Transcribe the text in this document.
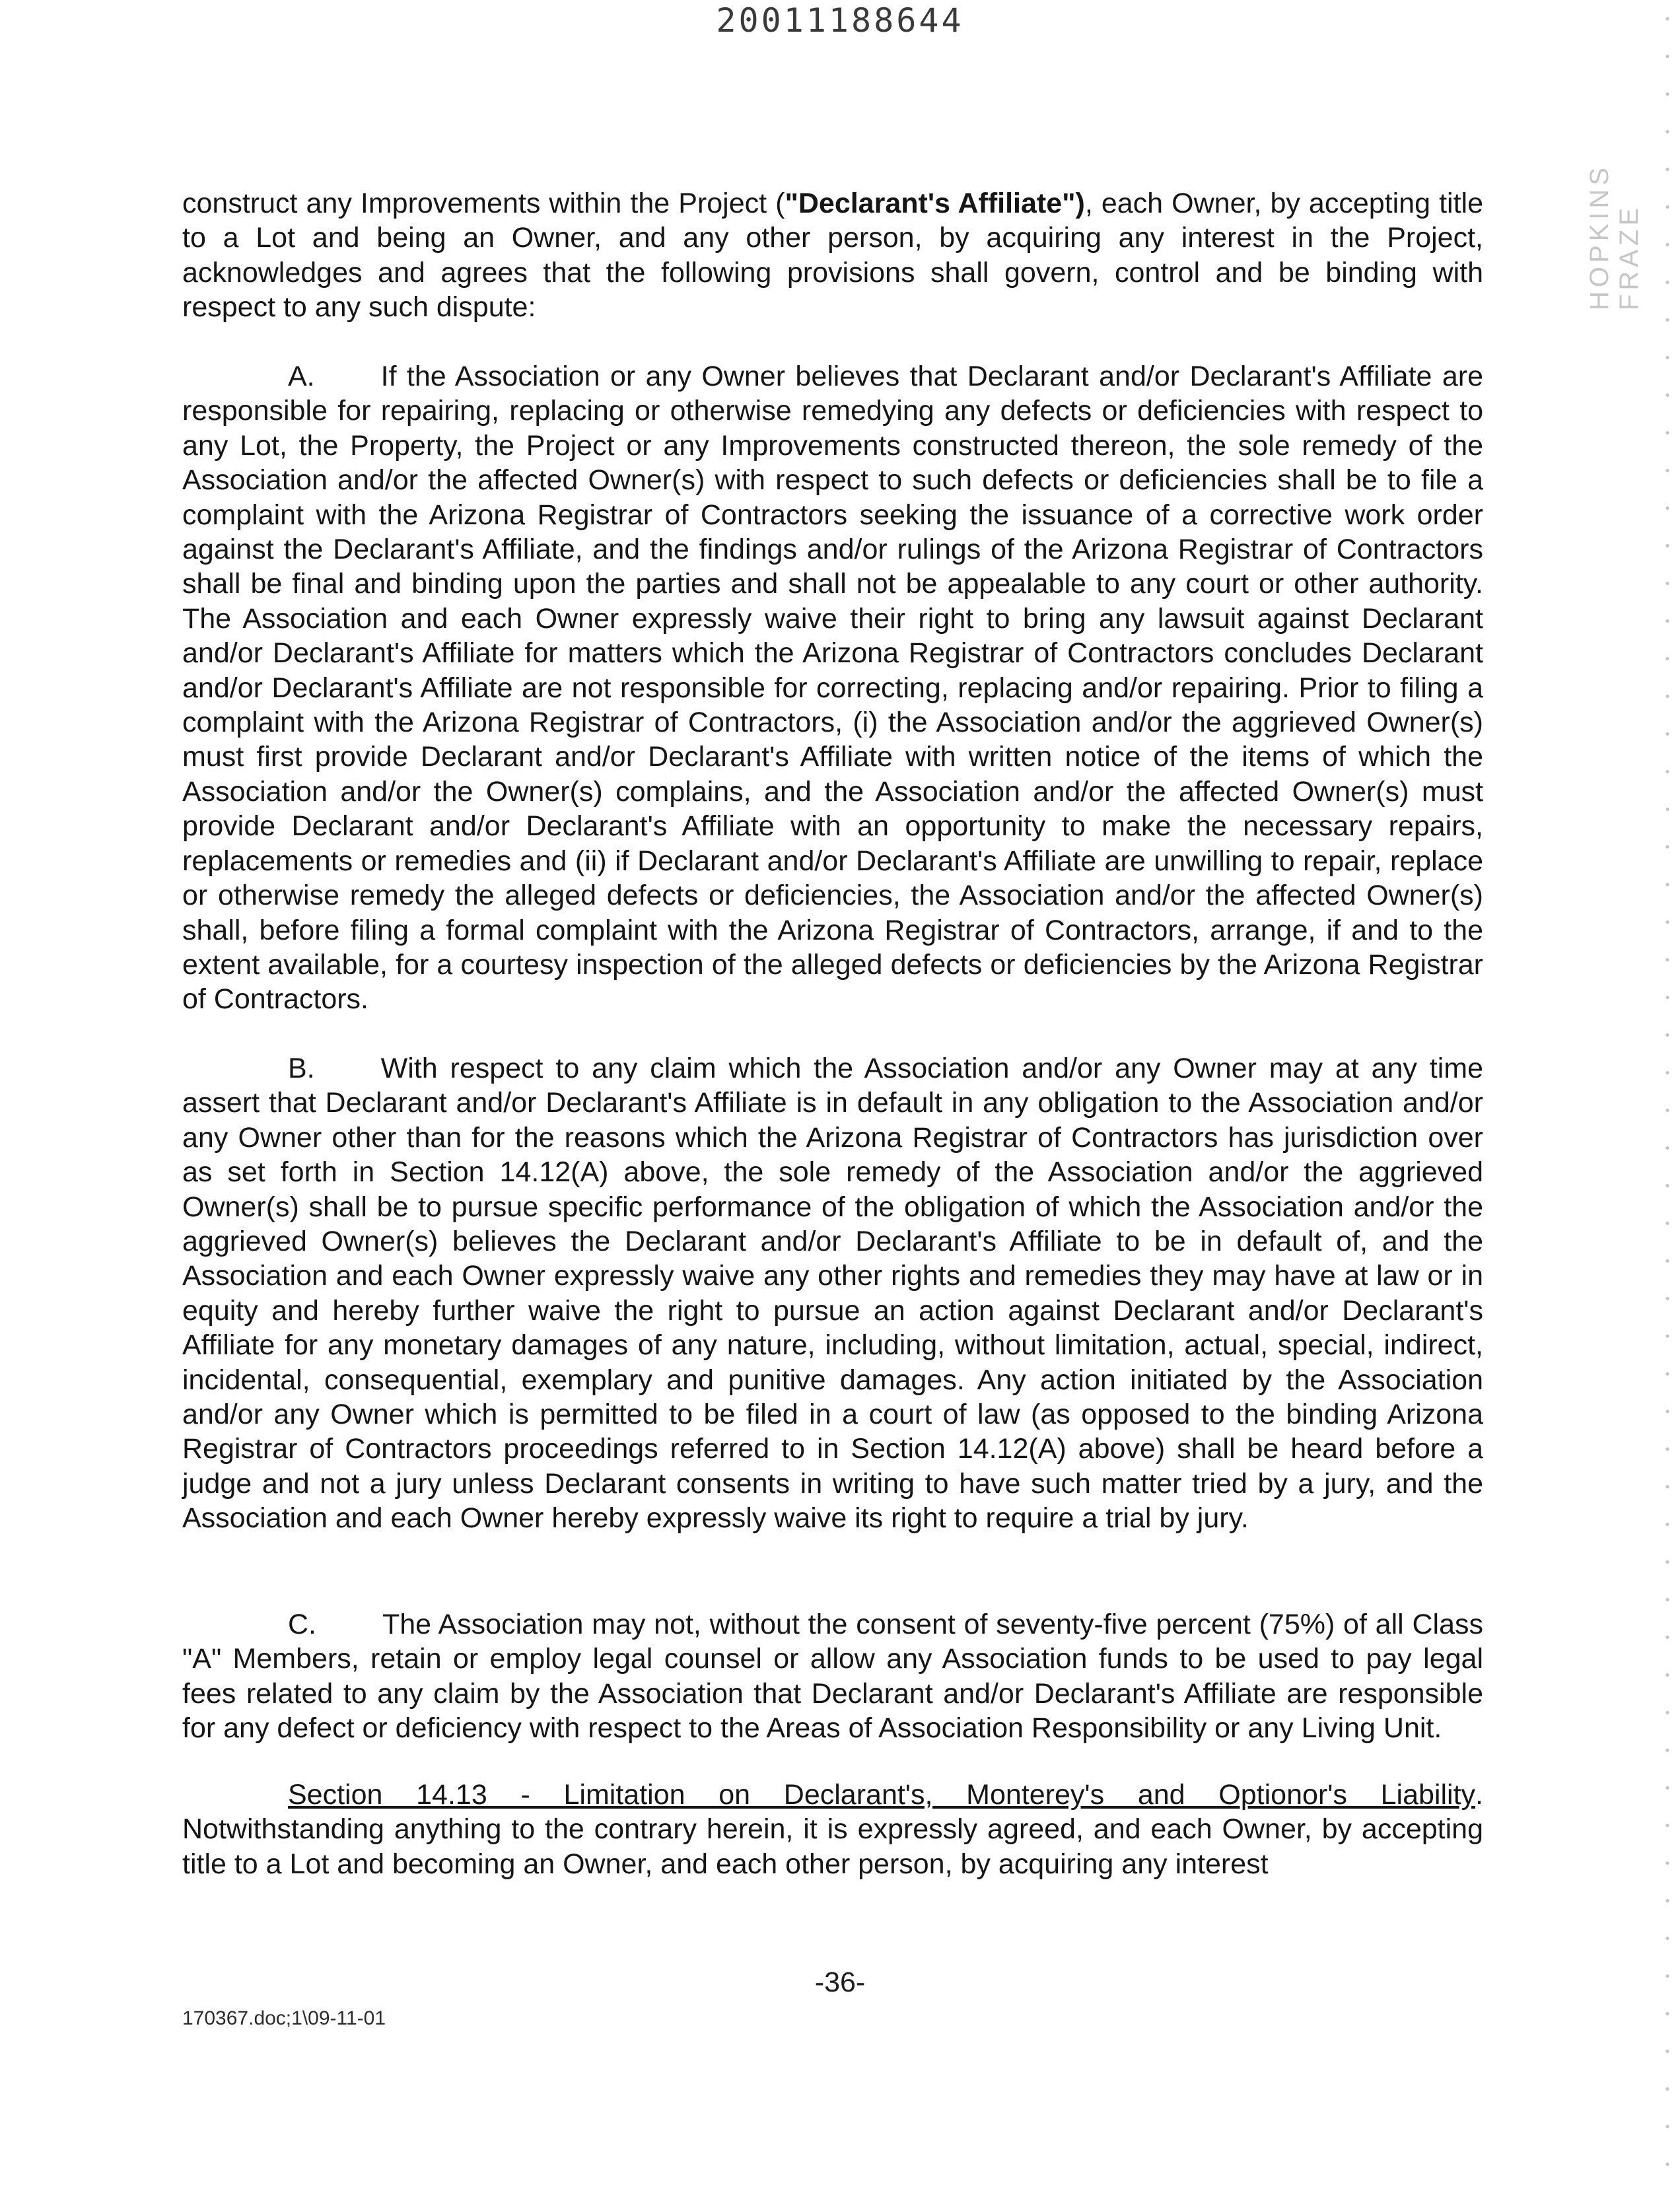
20011188644
HOPKINS FRAZE

construct any Improvements within the Project ("Declarant's Affiliate"), each Owner, by accepting title to a Lot and being an Owner, and any other person, by acquiring any interest in the Project, acknowledges and agrees that the following provisions shall govern, control and be binding with respect to any such dispute:

A. If the Association or any Owner believes that Declarant and/or Declarant's Affiliate are responsible for repairing, replacing or otherwise remedying any defects or deficiencies with respect to any Lot, the Property, the Project or any Improvements constructed thereon, the sole remedy of the Association and/or the affected Owner(s) with respect to such defects or deficiencies shall be to file a complaint with the Arizona Registrar of Contractors seeking the issuance of a corrective work order against the Declarant's Affiliate, and the findings and/or rulings of the Arizona Registrar of Contractors shall be final and binding upon the parties and shall not be appealable to any court or other authority. The Association and each Owner expressly waive their right to bring any lawsuit against Declarant and/or Declarant's Affiliate for matters which the Arizona Registrar of Contractors concludes Declarant and/or Declarant's Affiliate are not responsible for correcting, replacing and/or repairing. Prior to filing a complaint with the Arizona Registrar of Contractors, (i) the Association and/or the aggrieved Owner(s) must first provide Declarant and/or Declarant's Affiliate with written notice of the items of which the Association and/or the Owner(s) complains, and the Association and/or the affected Owner(s) must provide Declarant and/or Declarant's Affiliate with an opportunity to make the necessary repairs, replacements or remedies and (ii) if Declarant and/or Declarant's Affiliate are unwilling to repair, replace or otherwise remedy the alleged defects or deficiencies, the Association and/or the affected Owner(s) shall, before filing a formal complaint with the Arizona Registrar of Contractors, arrange, if and to the extent available, for a courtesy inspection of the alleged defects or deficiencies by the Arizona Registrar of Contractors.

B. With respect to any claim which the Association and/or any Owner may at any time assert that Declarant and/or Declarant's Affiliate is in default in any obligation to the Association and/or any Owner other than for the reasons which the Arizona Registrar of Contractors has jurisdiction over as set forth in Section 14.12(A) above, the sole remedy of the Association and/or the aggrieved Owner(s) shall be to pursue specific performance of the obligation of which the Association and/or the aggrieved Owner(s) believes the Declarant and/or Declarant's Affiliate to be in default of, and the Association and each Owner expressly waive any other rights and remedies they may have at law or in equity and hereby further waive the right to pursue an action against Declarant and/or Declarant's Affiliate for any monetary damages of any nature, including, without limitation, actual, special, indirect, incidental, consequential, exemplary and punitive damages. Any action initiated by the Association and/or any Owner which is permitted to be filed in a court of law (as opposed to the binding Arizona Registrar of Contractors proceedings referred to in Section 14.12(A) above) shall be heard before a judge and not a jury unless Declarant consents in writing to have such matter tried by a jury, and the Association and each Owner hereby expressly waive its right to require a trial by jury.

C. The Association may not, without the consent of seventy-five percent (75%) of all Class "A" Members, retain or employ legal counsel or allow any Association funds to be used to pay legal fees related to any claim by the Association that Declarant and/or Declarant's Affiliate are responsible for any defect or deficiency with respect to the Areas of Association Responsibility or any Living Unit.

Section 14.13 - Limitation on Declarant's, Monterey's and Optionor's Liability. Notwithstanding anything to the contrary herein, it is expressly agreed, and each Owner, by accepting title to a Lot and becoming an Owner, and each other person, by acquiring any interest

-36-
170367.doc;1\09-11-01
